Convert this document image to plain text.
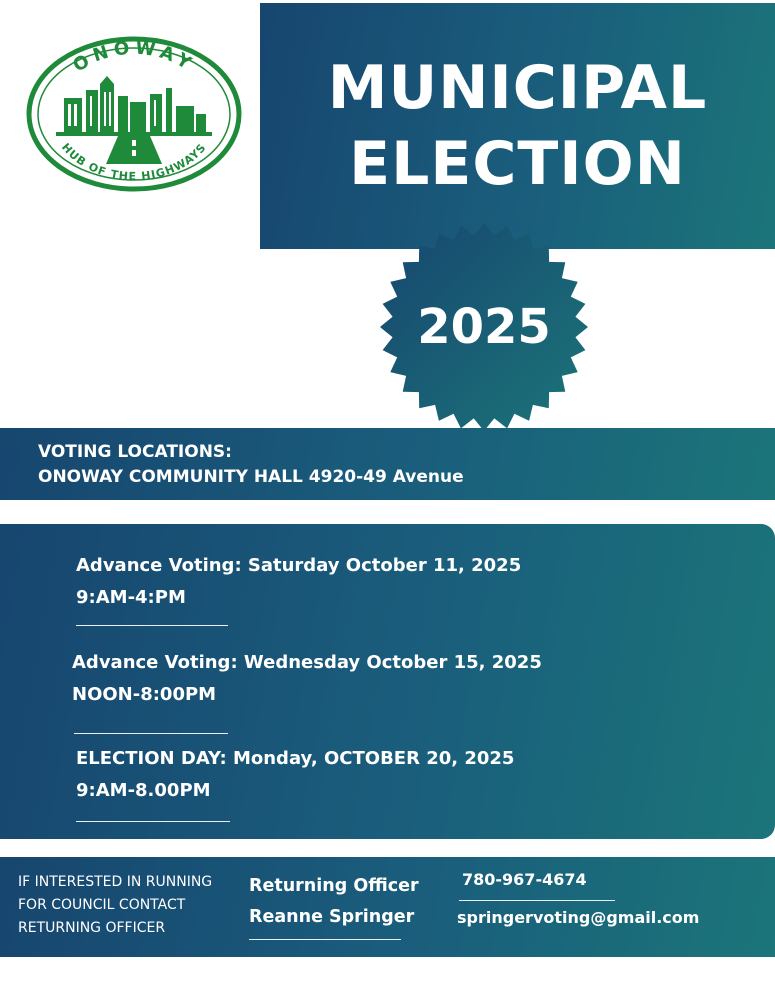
ONOWAY
HUB OF THE HIGHWAYS
MUNICIPAL
ELECTION
2025
VOTING LOCATIONS:
ONOWAY COMMUNITY HALL 4920-49 Avenue
Advance Voting: Saturday October 11, 2025
9:AM-4:PM
Advance Voting: Wednesday October 15, 2025
NOON-8:00PM
ELECTION DAY: Monday, OCTOBER 20, 2025
9:AM-8.00PM
IF INTERESTED IN RUNNING
FOR COUNCIL CONTACT
RETURNING OFFICER
Returning Officer
Reanne Springer
780-967-4674
springervoting@gmail.com
